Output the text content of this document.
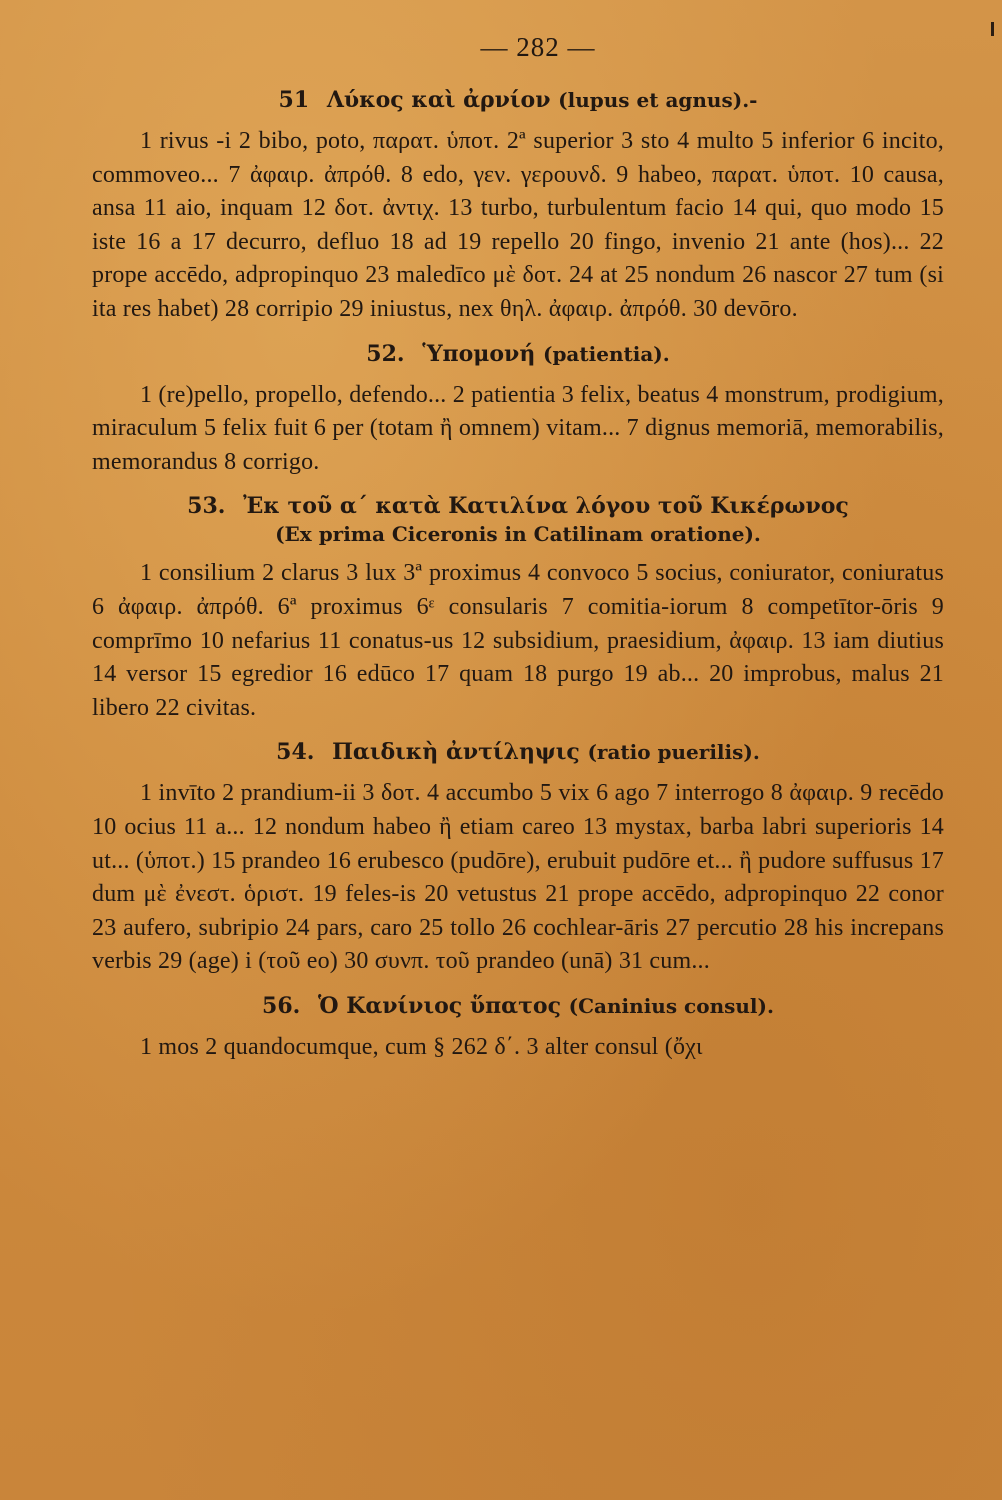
— 282 —
51 Λύκος καὶ ἀρνίον (lupus et agnus).-

1 rivus -i 2 bibo, poto, παρατ. ὑποτ. 2ª superior 3 sto 4 multo 5 inferior 6 incito, commoveo... 7 ἀφαιρ. ἀπρόθ. 8 edo, γεν. γερουνδ. 9 habeo, παρατ. ὑποτ. 10 causa, ansa 11 aio, inquam 12 δοτ. ἀντιχ. 13 turbo, turbulentum facio 14 qui, quo modo 15 iste 16 a 17 decurro, defluo 18 ad 19 repello 20 fingo, invenio 21 ante (hos)... 22 prope accēdo, adpropinquo 23 maledīco μὲ δοτ. 24 at 25 nondum 26 nascor 27 tum (si ita res habet) 28 corripio 29 iniustus, nex θηλ. ἀφαιρ. ἀπρόθ. 30 devōro.

52. Ὑπομονή (patientia).

1 (re)pello, propello, defendo... 2 patientia 3 felix, beatus 4 monstrum, prodigium, miraculum 5 felix fuit 6 per (totam ἢ omnem) vitam... 7 dignus memoriā, memorabilis, memorandus 8 corrigo.

53. Ἐκ τοῦ α΄ κατὰ Κατιλίνα λόγου τοῦ Κικέρωνος
(Ex prima Ciceronis in Catilinam oratione).

1 consilium 2 clarus 3 lux 3ª proximus 4 convoco 5 socius, coniurator, coniuratus 6 ἀφαιρ. ἀπρόθ. 6ª proximus 6ᵋ consularis 7 comitia-iorum 8 competītor-ōris 9 comprīmo 10 nefarius 11 conatus-us 12 subsidium, praesidium, ἀφαιρ. 13 iam diutius 14 versor 15 egredior 16 edūco 17 quam 18 purgo 19 ab... 20 improbus, malus 21 libero 22 civitas.

54. Παιδικὴ ἀντίληψις (ratio puerilis).

1 invīto 2 prandium-ii 3 δοτ. 4 accumbo 5 vix 6 ago 7 interrogo 8 ἀφαιρ. 9 recēdo 10 ocius 11 a... 12 nondum habeo ἢ etiam careo 13 mystax, barba labri superioris 14 ut... (ὑποτ.) 15 prandeo 16 erubesco (pudōre), erubuit pudōre et... ἢ pudore suffusus 17 dum μὲ ἐνεστ. ὁριστ. 19 feles-is 20 vetustus 21 prope accēdo, adpropinquo 22 conor 23 aufero, subripio 24 pars, caro 25 tollo 26 cochlear-āris 27 percutio 28 his increpans verbis 29 (age) i (τοῦ eo) 30 συνπ. τοῦ prandeo (unā) 31 cum...

56. Ὁ Κανίνιος ὕπατος (Caninius consul).

1 mos 2 quandocumque, cum § 262 δ΄. 3 alter consul (ὄχι
